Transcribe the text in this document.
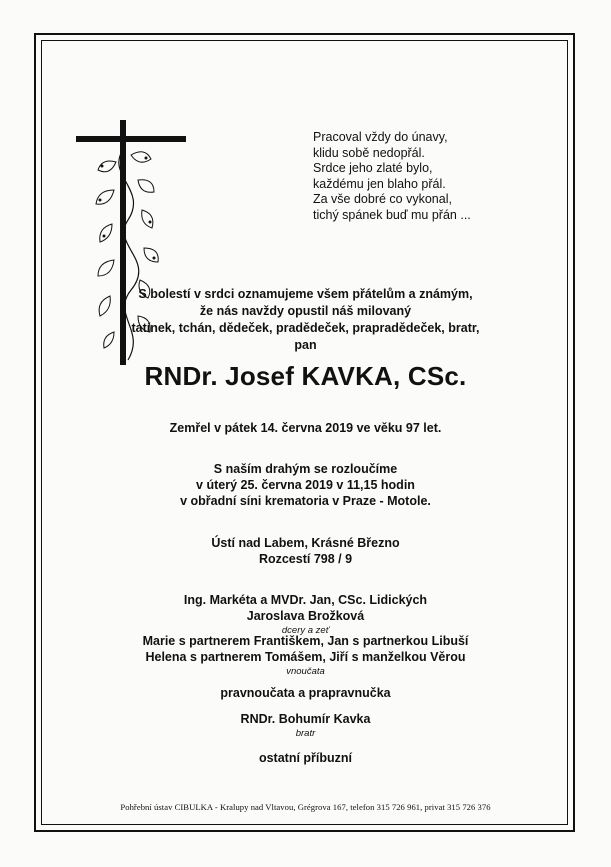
Pracoval vždy do únavy,
klidu sobě nedopřál.
Srdce jeho zlaté bylo,
každému jen blaho přál.
Za vše dobré co vykonal,
tichý spánek buď mu přán ...
S bolestí v srdci oznamujeme všem přátelům a známým,
že nás navždy opustil náš milovaný
tatínek, tchán, dědeček, pradědeček, prapradědeček, bratr,
pan
RNDr. Josef KAVKA, CSc.
Zemřel v pátek 14. června 2019 ve věku 97 let.
S naším drahým se rozloučíme
v úterý 25. června 2019 v 11,15 hodin
v obřadní síni krematoria v Praze - Motole.
Ústí nad Labem, Krásné Březno
Rozcestí 798 / 9
Ing. Markéta a MVDr. Jan, CSc. Lidických
Jaroslava Brožková
dcery a zeť
Marie s partnerem Františkem, Jan s partnerkou Libuší
Helena s partnerem Tomášem, Jiří s manželkou Věrou
vnoučata
pravnoučata a prapravnučka
RNDr. Bohumír Kavka
bratr
ostatní příbuzní
Pohřební ústav CIBULKA - Kralupy nad Vltavou, Grégrova 167, telefon 315 726 961, privat 315 726 376
